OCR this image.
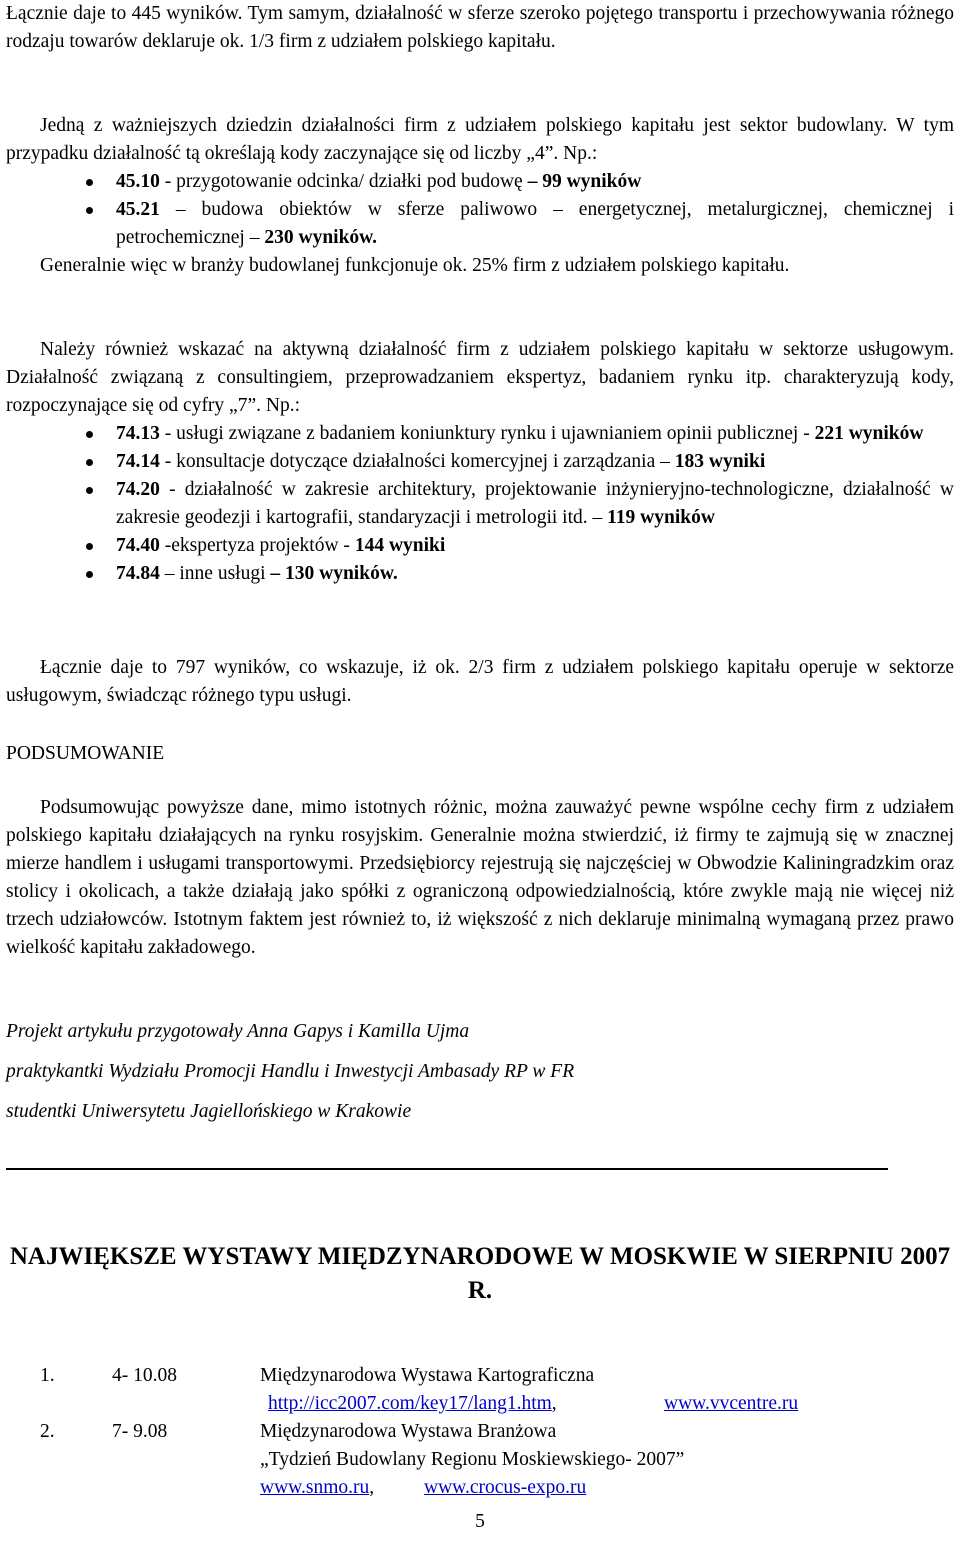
Łącznie daje to 445 wyników. Tym samym, działalność w sferze szeroko pojętego transportu i przechowywania różnego rodzaju towarów deklaruje ok. 1/3 firm z udziałem polskiego kapitału.

Jedną z ważniejszych dziedzin działalności firm z udziałem polskiego kapitału jest sektor budowlany. W tym przypadku działalność tą określają kody zaczynające się od liczby „4”. Np.:

45.10 - przygotowanie odcinka/ działki pod budowę – 99 wyników
45.21 – budowa obiektów w sferze paliwowo – energetycznej, metalurgicznej, chemicznej i petrochemicznej – 230 wyników.

Generalnie więc w branży budowlanej funkcjonuje ok. 25% firm z udziałem polskiego kapitału.

Należy również wskazać na aktywną działalność firm z udziałem polskiego kapitału w sektorze usługowym. Działalność związaną z consultingiem, przeprowadzaniem ekspertyz, badaniem rynku itp. charakteryzują kody, rozpoczynające się od cyfry „7”. Np.:

74.13 - usługi związane z badaniem koniunktury rynku i ujawnianiem opinii publicznej - 221 wyników
74.14 - konsultacje dotyczące działalności komercyjnej i zarządzania – 183 wyniki
74.20 - działalność w zakresie architektury, projektowanie inżynieryjno-technologiczne, działalność w zakresie geodezji i kartografii, standaryzacji i metrologii itd. – 119 wyników
74.40 -ekspertyza projektów - 144 wyniki
74.84 – inne usługi – 130 wyników.

Łącznie daje to 797 wyników, co wskazuje, iż ok. 2/3 firm z udziałem polskiego kapitału operuje w sektorze usługowym, świadcząc różnego typu usługi.

PODSUMOWANIE

Podsumowując powyższe dane, mimo istotnych różnic, można zauważyć pewne wspólne cechy firm z udziałem polskiego kapitału działających na rynku rosyjskim. Generalnie można stwierdzić, iż firmy te zajmują się w znacznej mierze handlem i usługami transportowymi. Przedsiębiorcy rejestrują się najczęściej w Obwodzie Kaliningradzkim oraz stolicy i okolicach, a także działają jako spółki z ograniczoną odpowiedzialnością, które zwykle mają nie więcej niż trzech udziałowców. Istotnym faktem jest również to, iż większość z nich deklaruje minimalną wymaganą przez prawo wielkość kapitału zakładowego.

Projekt artykułu przygotowały Anna Gapys i Kamilla Ujma

praktykantki Wydziału Promocji Handlu i Inwestycji Ambasady RP w FR

studentki Uniwersytetu Jagiellońskiego w Krakowie

NAJWIĘKSZE WYSTAWY MIĘDZYNARODOWE W MOSKWIE W SIERPNIU 2007 R.
1.	4- 10.08	Międzynarodowa Wystawa Kartograficzna
http://icc2007.com/key17/lang1.htm,	www.vvcentre.ru
2.	7- 9.08	Międzynarodowa Wystawa Branżowa
„Tydzień Budowlany Regionu Moskiewskiego- 2007”
www.snmo.ru,	www.crocus-expo.ru
5
